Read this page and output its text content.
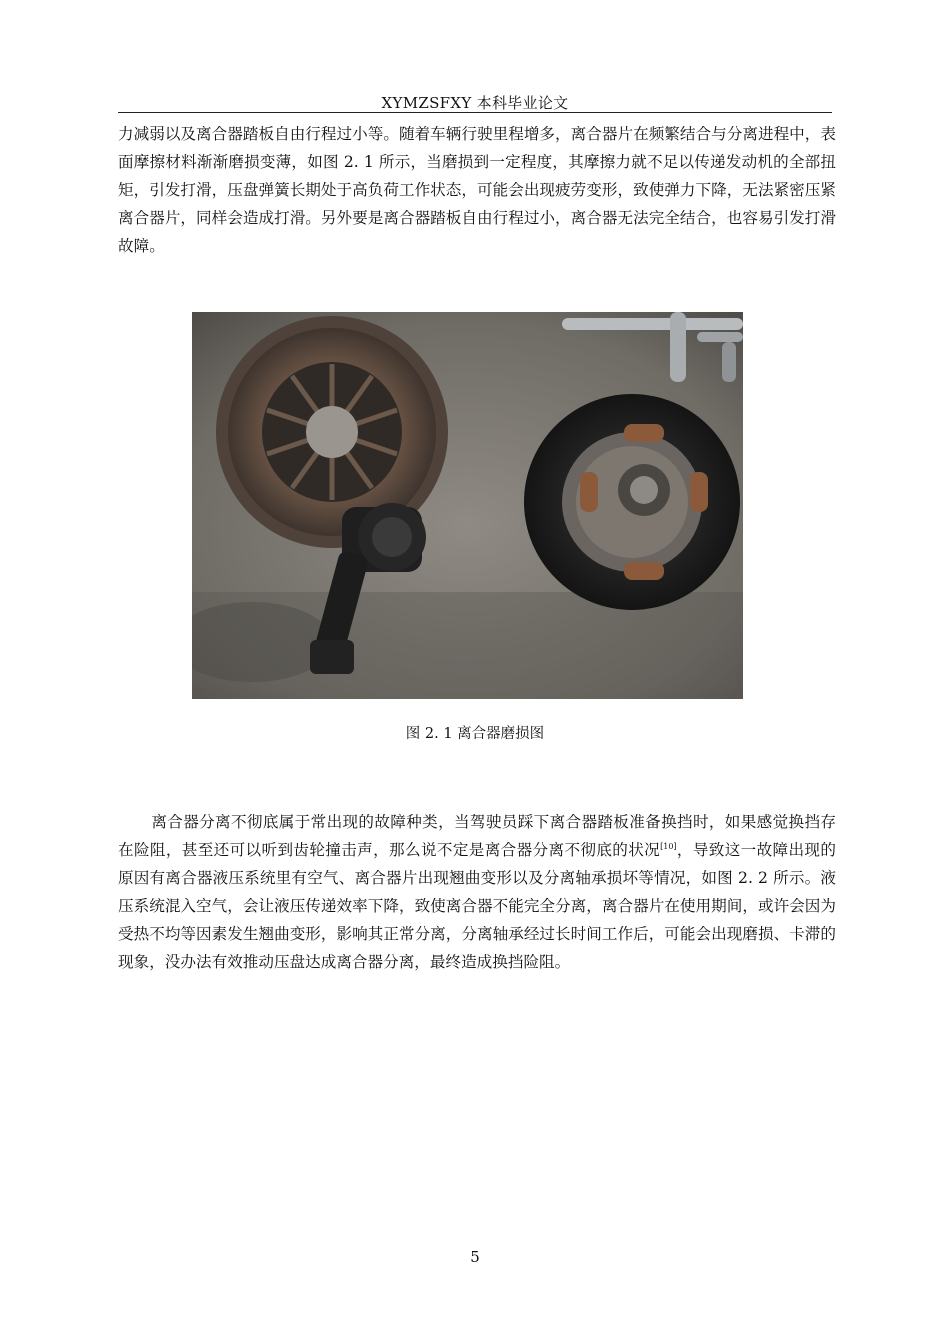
XYMZSFXY 本科毕业论文

力减弱以及离合器踏板自由行程过小等。随着车辆行驶里程增多，离合器片在频繁结合与分离进程中，表面摩擦材料渐渐磨损变薄，如图 2. 1 所示，当磨损到一定程度，其摩擦力就不足以传递发动机的全部扭矩，引发打滑，压盘弹簧长期处于高负荷工作状态，可能会出现疲劳变形，致使弹力下降，无法紧密压紧离合器片，同样会造成打滑。另外要是离合器踏板自由行程过小，离合器无法完全结合，也容易引发打滑故障。

图 2. 1 离合器磨损图

离合器分离不彻底属于常出现的故障种类，当驾驶员踩下离合器踏板准备换挡时，如果感觉换挡存在险阻，甚至还可以听到齿轮撞击声，那么说不定是离合器分离不彻底的状况[10]，导致这一故障出现的原因有离合器液压系统里有空气、离合器片出现翘曲变形以及分离轴承损坏等情况，如图 2. 2 所示。液压系统混入空气，会让液压传递效率下降，致使离合器不能完全分离，离合器片在使用期间，或许会因为受热不均等因素发生翘曲变形，影响其正常分离，分离轴承经过长时间工作后，可能会出现磨损、卡滞的现象，没办法有效推动压盘达成离合器分离，最终造成换挡险阻。

5
